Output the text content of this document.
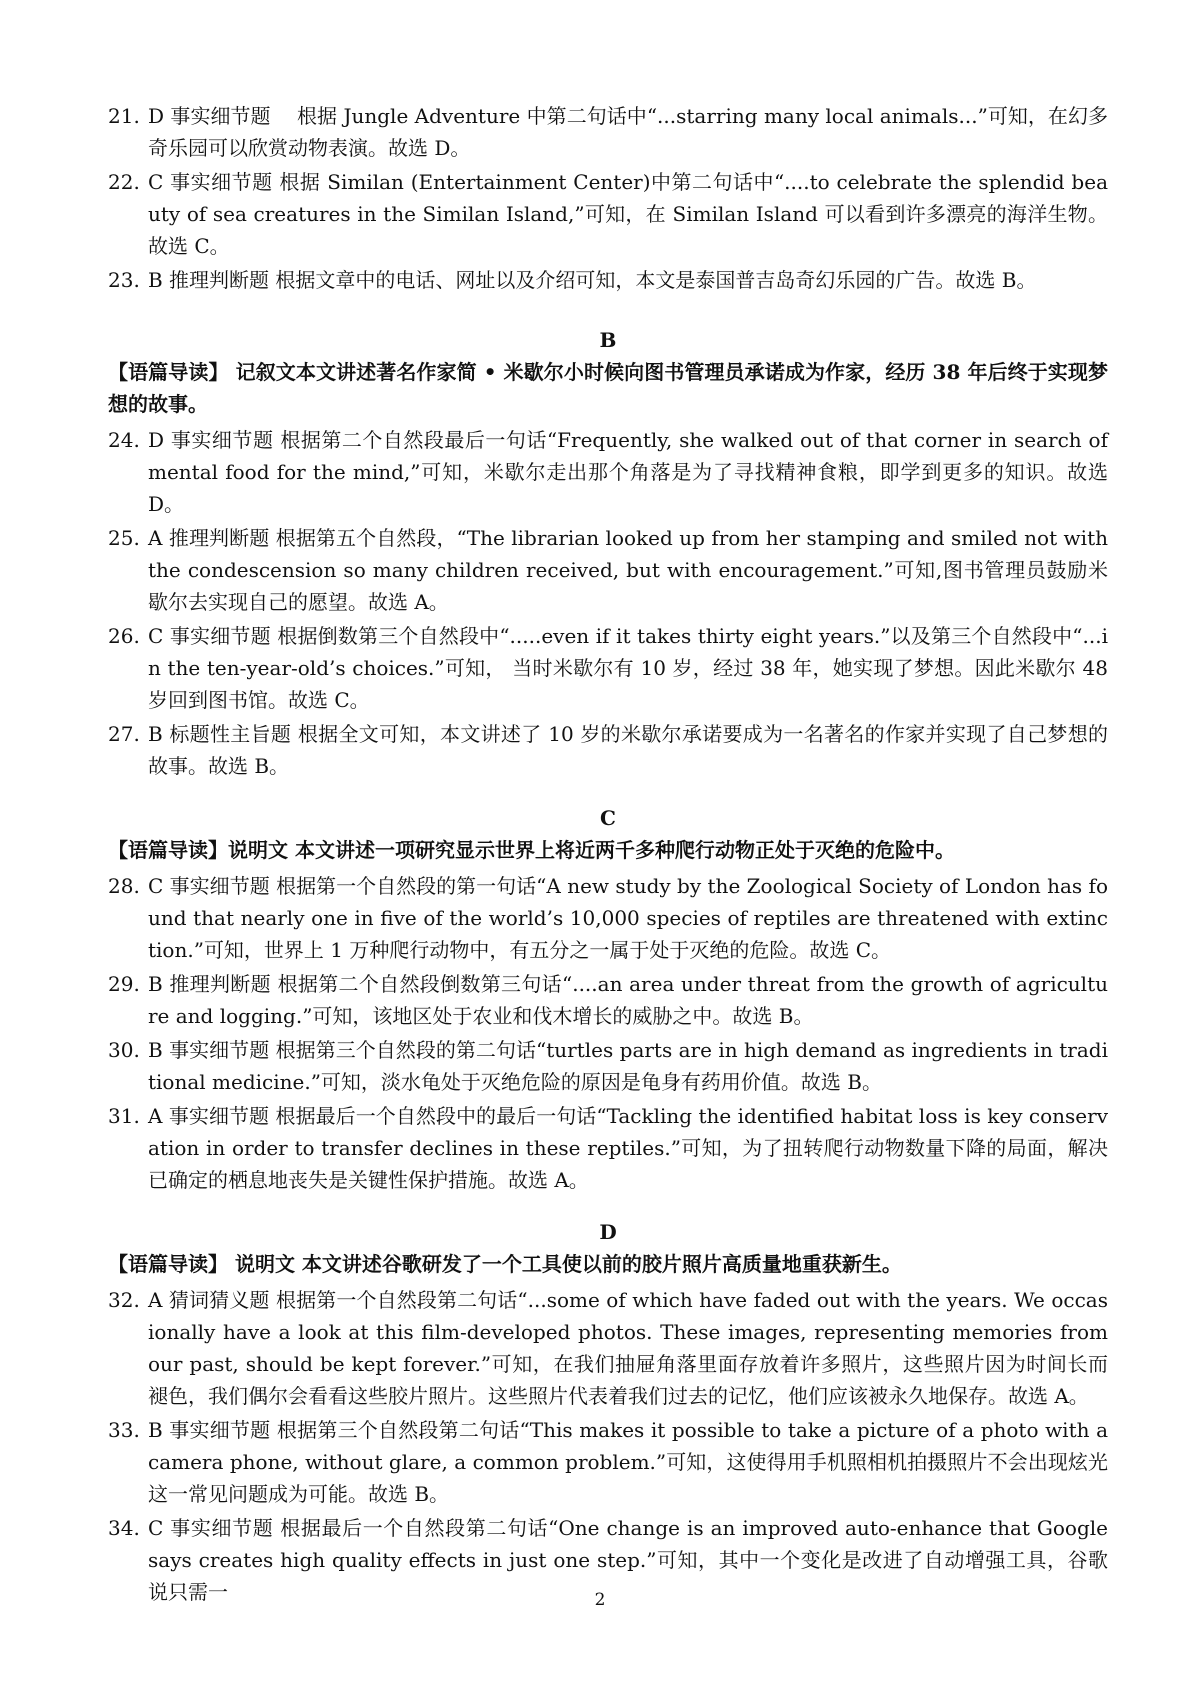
21. D 事实细节题　 根据 Jungle Adventure 中第二句话中“...starring many local animals...”可知，在幻多奇乐园可以欣赏动物表演。故选 D。
22. C 事实细节题 根据 Similan (Entertainment Center)中第二句话中“....to celebrate the splendid beauty of sea creatures in the Similan Island,”可知，在 Similan Island 可以看到许多漂亮的海洋生物。故选 C。
23. B 推理判断题 根据文章中的电话、网址以及介绍可知，本文是泰国普吉岛奇幻乐园的广告。故选 B。
B
【语篇导读】 记叙文本文讲述著名作家简 • 米歇尔小时候向图书管理员承诺成为作家，经历 38 年后终于实现梦想的故事。
24. D 事实细节题 根据第二个自然段最后一句话“Frequently, she walked out of that corner in search of mental food for the mind,”可知，米歇尔走出那个角落是为了寻找精神食粮，即学到更多的知识。故选 D。
25. A 推理判断题 根据第五个自然段，“The librarian looked up from her stamping and smiled not with the condescension so many children received, but with encouragement.”可知,图书管理员鼓励米歇尔去实现自己的愿望。故选 A。
26. C 事实细节题 根据倒数第三个自然段中“.....even if it takes thirty eight years.”以及第三个自然段中“...in the ten-year-old’s choices.”可知， 当时米歇尔有 10 岁，经过 38 年，她实现了梦想。因此米歇尔 48 岁回到图书馆。故选 C。
27. B 标题性主旨题 根据全文可知，本文讲述了 10 岁的米歇尔承诺要成为一名著名的作家并实现了自己梦想的故事。故选 B。
C
【语篇导读】说明文 本文讲述一项研究显示世界上将近两千多种爬行动物正处于灭绝的危险中。
28. C 事实细节题 根据第一个自然段的第一句话“A new study by the Zoological Society of London has found that nearly one in five of the world’s 10,000 species of reptiles are threatened with extinction.”可知，世界上 1 万种爬行动物中，有五分之一属于处于灭绝的危险。故选 C。
29. B 推理判断题 根据第二个自然段倒数第三句话“....an area under threat from the growth of agriculture and logging.”可知，该地区处于农业和伐木增长的威胁之中。故选 B。
30. B 事实细节题 根据第三个自然段的第二句话“turtles parts are in high demand as ingredients in traditional medicine.”可知，淡水龟处于灭绝危险的原因是龟身有药用价值。故选 B。
31. A 事实细节题 根据最后一个自然段中的最后一句话“Tackling the identified habitat loss is key conservation in order to transfer declines in these reptiles.”可知，为了扭转爬行动物数量下降的局面，解决已确定的栖息地丧失是关键性保护措施。故选 A。
D
【语篇导读】 说明文 本文讲述谷歌研发了一个工具使以前的胶片照片高质量地重获新生。
32. A 猜词猜义题 根据第一个自然段第二句话“...some of which have faded out with the years. We occasionally have a look at this film-developed photos. These images, representing memories from our past, should be kept forever.”可知，在我们抽屉角落里面存放着许多照片，这些照片因为时间长而褪色，我们偶尔会看看这些胶片照片。这些照片代表着我们过去的记忆，他们应该被永久地保存。故选 A。
33. B 事实细节题 根据第三个自然段第二句话“This makes it possible to take a picture of a photo with a camera phone, without glare, a common problem.”可知，这使得用手机照相机拍摄照片不会出现炫光这一常见问题成为可能。故选 B。
34. C 事实细节题 根据最后一个自然段第二句话“One change is an improved auto-enhance that Google says creates high quality effects in just one step.”可知，其中一个变化是改进了自动增强工具，谷歌说只需一	2
